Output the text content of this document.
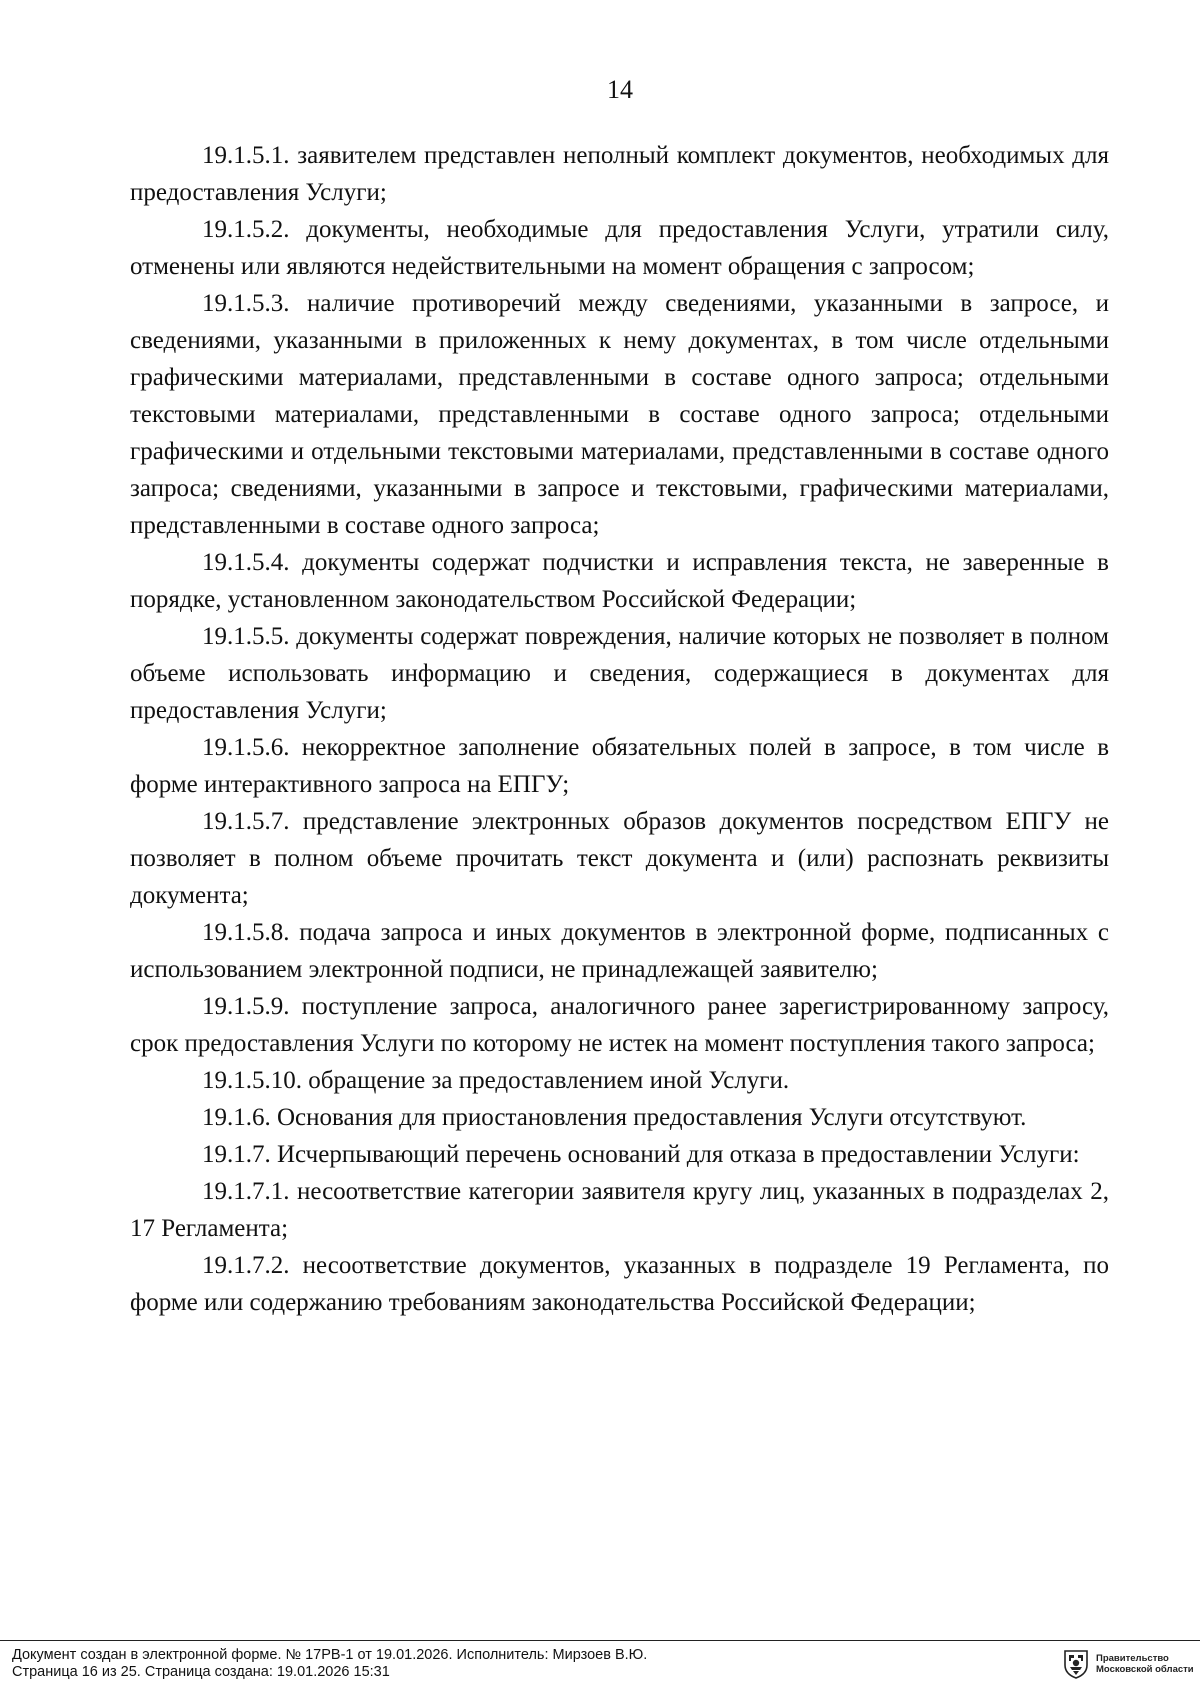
14

19.1.5.1. заявителем представлен неполный комплект документов, необходимых для предоставления Услуги;

19.1.5.2. документы, необходимые для предоставления Услуги, утратили силу, отменены или являются недействительными на момент обращения с запросом;

19.1.5.3. наличие противоречий между сведениями, указанными в запросе, и сведениями, указанными в приложенных к нему документах, в том числе отдельными графическими материалами, представленными в составе одного запроса; отдельными текстовыми материалами, представленными в составе одного запроса; отдельными графическими и отдельными текстовыми материалами, представленными в составе одного запроса; сведениями, указанными в запросе и текстовыми, графическими материалами, представленными в составе одного запроса;

19.1.5.4. документы содержат подчистки и исправления текста, не заверенные в порядке, установленном законодательством Российской Федерации;

19.1.5.5. документы содержат повреждения, наличие которых не позволяет в полном объеме использовать информацию и сведения, содержащиеся в документах для предоставления Услуги;

19.1.5.6. некорректное заполнение обязательных полей в запросе, в том числе в форме интерактивного запроса на ЕПГУ;

19.1.5.7. представление электронных образов документов посредством ЕПГУ не позволяет в полном объеме прочитать текст документа и (или) распознать реквизиты документа;

19.1.5.8. подача запроса и иных документов в электронной форме, подписанных с использованием электронной подписи, не принадлежащей заявителю;

19.1.5.9. поступление запроса, аналогичного ранее зарегистрированному запросу, срок предоставления Услуги по которому не истек на момент поступления такого запроса;

19.1.5.10. обращение за предоставлением иной Услуги.

19.1.6. Основания для приостановления предоставления Услуги отсутствуют.

19.1.7. Исчерпывающий перечень оснований для отказа в предоставлении Услуги:

19.1.7.1. несоответствие категории заявителя кругу лиц, указанных в подразделах 2, 17 Регламента;

19.1.7.2. несоответствие документов, указанных в подразделе 19 Регламента, по форме или содержанию требованиям законодательства Российской Федерации;

Документ создан в электронной форме. № 17РВ-1 от 19.01.2026. Исполнитель: Мирзоев В.Ю.
Страница 16 из 25. Страница создана: 19.01.2026 15:31
Правительство
Московской области
